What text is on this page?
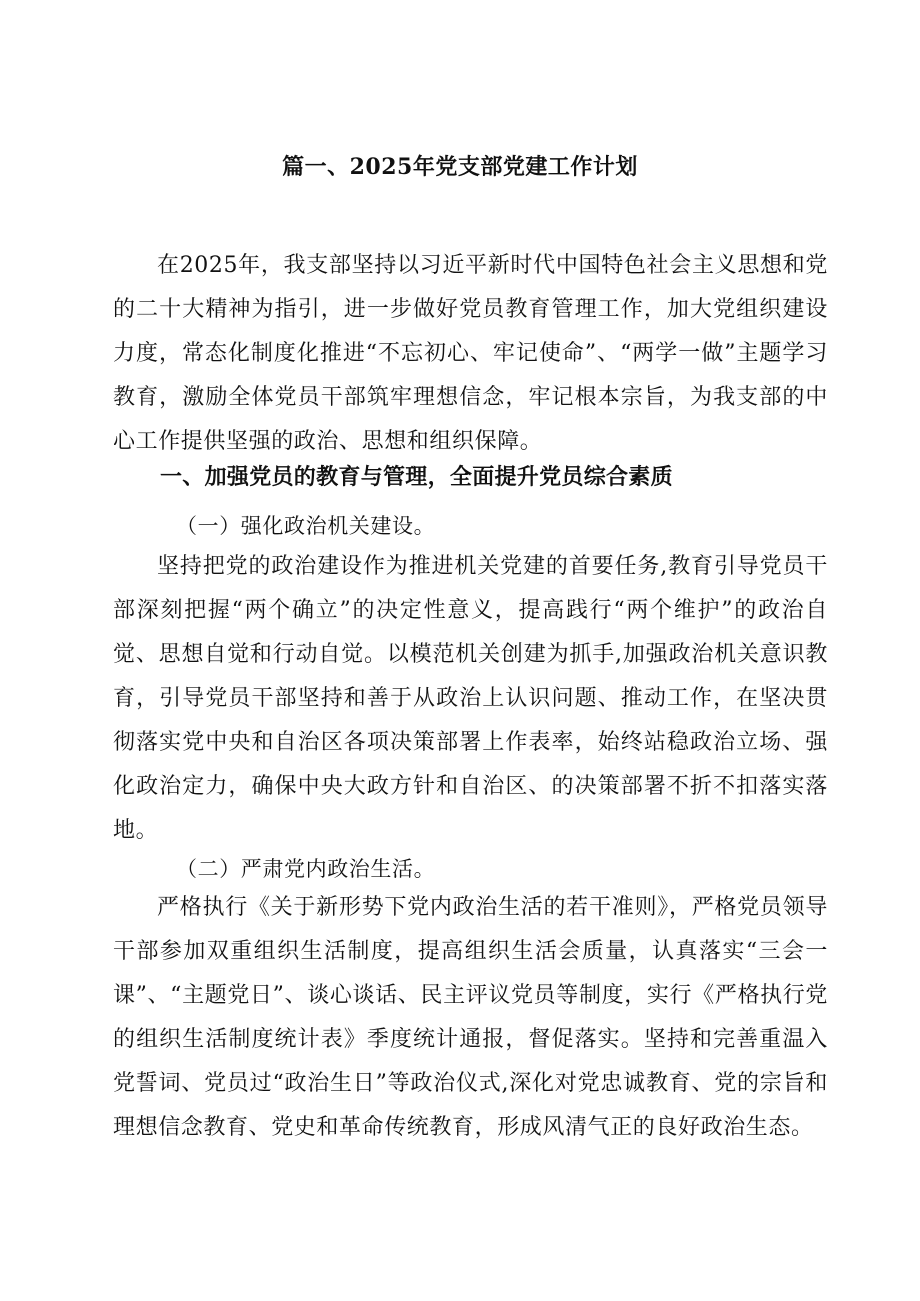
篇一、2025年党支部党建工作计划

在2025年，我支部坚持以习近平新时代中国特色社会主义思想和党的二十大精神为指引，进一步做好党员教育管理工作，加大党组织建设力度，常态化制度化推进“不忘初心、牢记使命”、“两学一做”主题学习教育，激励全体党员干部筑牢理想信念，牢记根本宗旨，为我支部的中心工作提供坚强的政治、思想和组织保障。

一、加强党员的教育与管理，全面提升党员综合素质
（一）强化政治机关建设。

坚持把党的政治建设作为推进机关党建的首要任务,教育引导党员干部深刻把握“两个确立”的决定性意义，提高践行“两个维护”的政治自觉、思想自觉和行动自觉。以模范机关创建为抓手,加强政治机关意识教育，引导党员干部坚持和善于从政治上认识问题、推动工作，在坚决贯彻落实党中央和自治区各项决策部署上作表率，始终站稳政治立场、强化政治定力，确保中央大政方针和自治区、的决策部署不折不扣落实落地。

（二）严肃党内政治生活。

严格执行《关于新形势下党内政治生活的若干准则》，严格党员领导干部参加双重组织生活制度，提高组织生活会质量，认真落实“三会一课”、“主题党日”、谈心谈话、民主评议党员等制度，实行《严格执行党的组织生活制度统计表》季度统计通报，督促落实。坚持和完善重温入党誓词、党员过“政治生日”等政治仪式,深化对党忠诚教育、党的宗旨和理想信念教育、党史和革命传统教育，形成风清气正的良好政治生态。
